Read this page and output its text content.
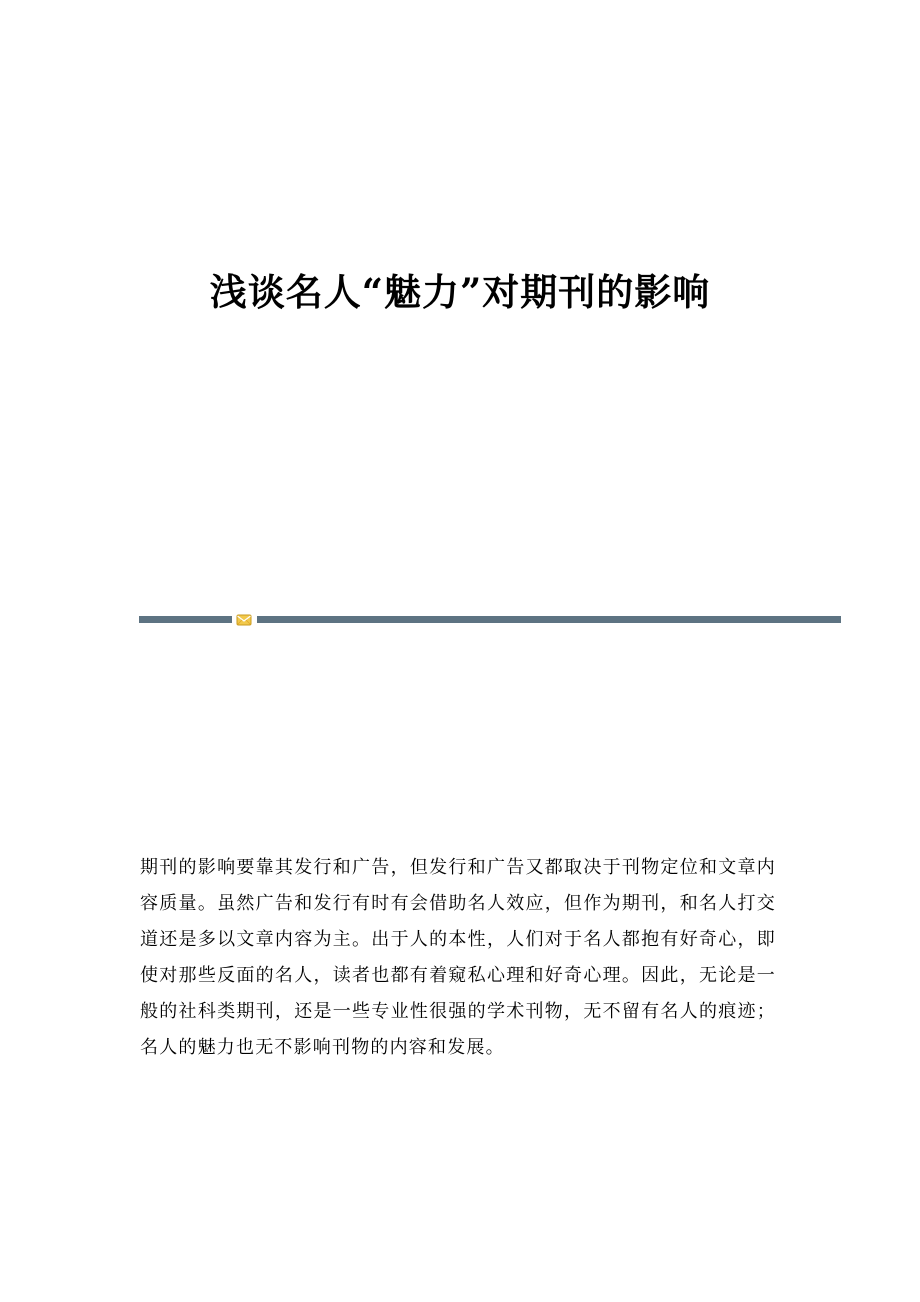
浅谈名人“魅力”对期刊的影响

期刊的影响要靠其发行和广告，但发行和广告又都取决于刊物定位和文章内容质量。虽然广告和发行有时有会借助名人效应，但作为期刊，和名人打交道还是多以文章内容为主。出于人的本性，人们对于名人都抱有好奇心，即使对那些反面的名人，读者也都有着窥私心理和好奇心理。因此，无论是一般的社科类期刊，还是一些专业性很强的学术刊物，无不留有名人的痕迹；名人的魅力也无不影响刊物的内容和发展。
